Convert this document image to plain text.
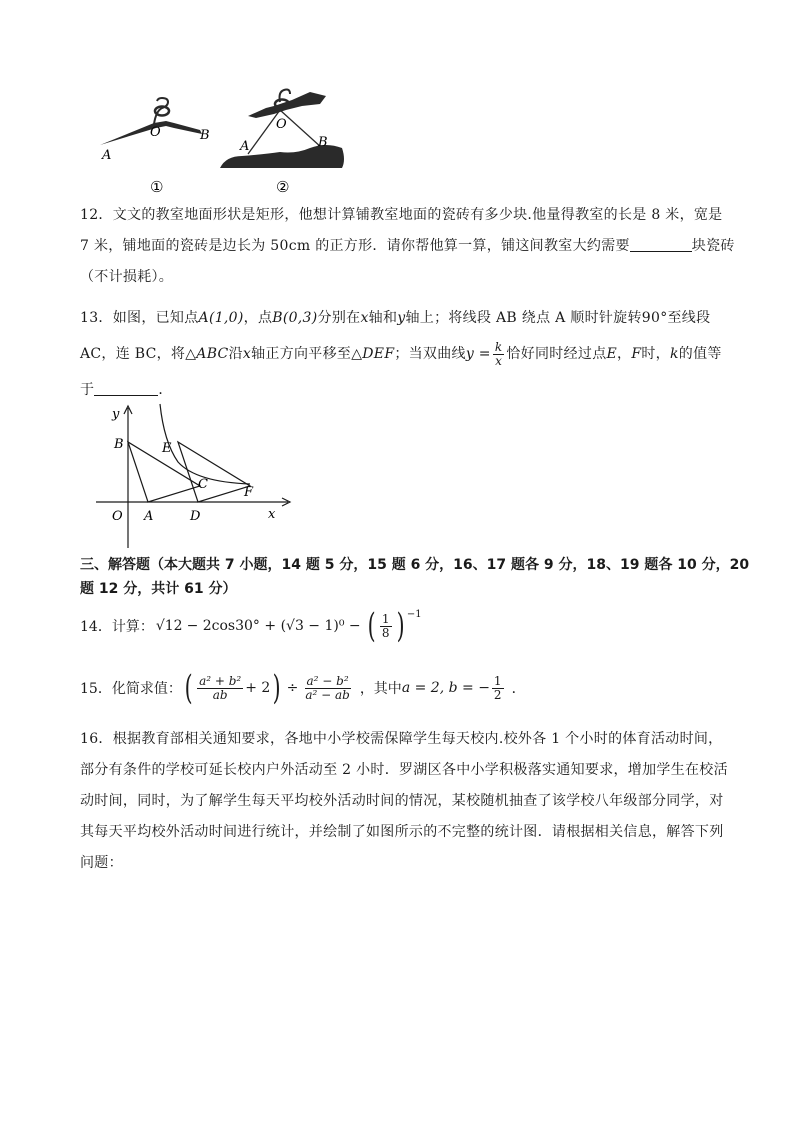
O
A
B
①
O
A	B
②
12．文文的教室地面形状是矩形，他想计算铺教室地面的瓷砖有多少块.他量得教室的长是 8 米，宽是
7 米，铺地面的瓷砖是边长为 50cm 的正方形．请你帮他算一算，铺这间教室大约需要	块瓷砖
（不计损耗）。
13．如图，已知点A(1,0)，点B(0,3)分别在x轴和y轴上；将线段 AB 绕点 A 顺时针旋转90°至线段
AC，连 BC，将△ABC沿x轴正方向平移至△DEF；当双曲线$y = \frac{k}{x}$ 恰好同时经过点E，F时，k的值等
于	．
y
x
B	E
C
F
O A	D
三、解答题（本大题共 7 小题，14 题 5 分，15 题 6 分，16、17 题各 9 分，18、19 题各 10 分，20 题 12 分，共计 61 分）
14． 计算： √12 − 2cos30° + (√3 − 1)⁰ − ( $\frac{1}{8}$ ) $^{-1}$
15． 化简求值： ( $\frac{\text{a² + b²}}{ab} + 2$ ) ÷ $\frac{\text{a² − b²}}{\text{a² − ab}}$ ，其中 a = 2, b = − $\frac{1}{2}$ ．
16．根据教育部相关通知要求，各地中小学校需保障学生每天校内.校外各 1 个小时的体育活动时间，
部分有条件的学校可延长校内户外活动至 2 小时．罗湖区各中小学积极落实通知要求，增加学生在校活
动时间，同时，为了解学生每天平均校外活动时间的情况，某校随机抽查了该学校八年级部分同学，对
其每天平均校外活动时间进行统计，并绘制了如图所示的不完整的统计图．请根据相关信息，解答下列
问题：
